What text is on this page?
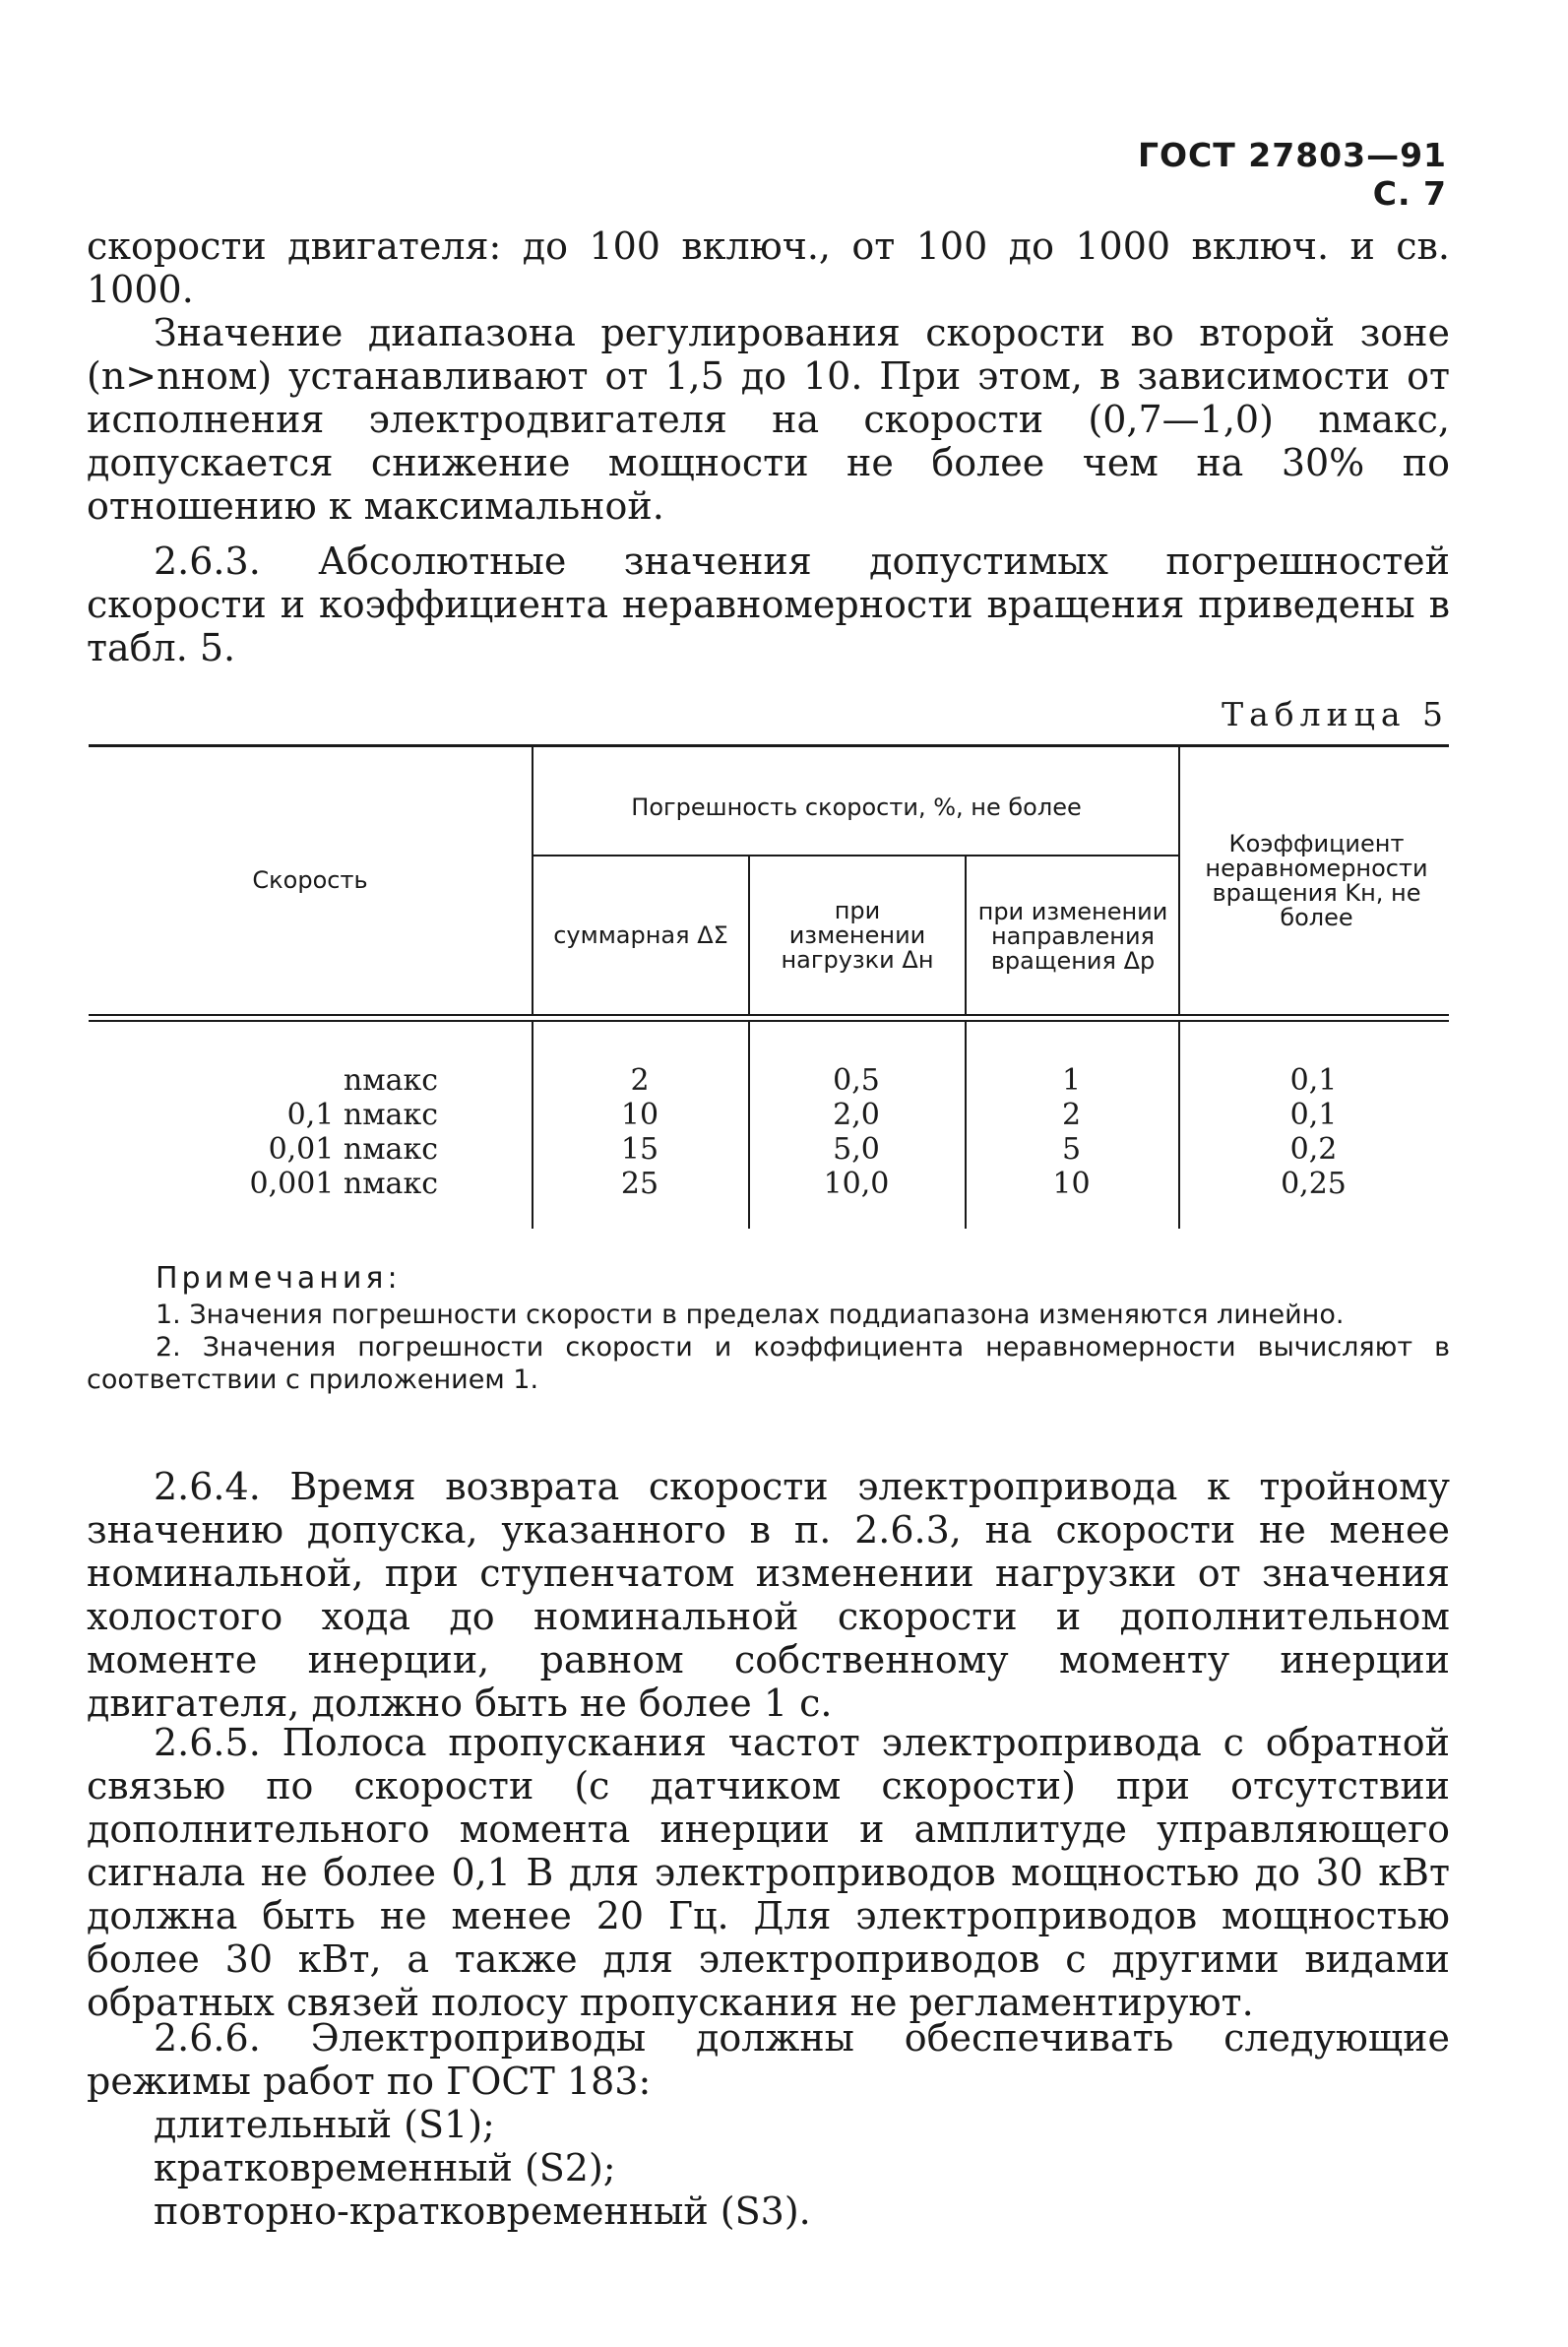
ГОСТ 27803—91 С. 7

скорости двигателя: до 100 включ., от 100 до 1000 включ. и св. 1000.

Значение диапазона регулирования скорости во второй зоне (n>nном) устанавливают от 1,5 до 10. При этом, в зависимости от исполнения электродвигателя на скорости (0,7—1,0) nмакс, допускается снижение мощности не более чем на 30% по отношению к максимальной.

2.6.3. Абсолютные значения допустимых погрешностей скорости и коэффициента неравномерности вращения приведены в табл. 5.

Таблица 5
Скорость
Погрешность скорости, %, не более
суммарная ΔΣ
при изменении нагрузки Δн
при изменении направления вращения Δр
Коэффициент неравномерности вращения Kн, не более
nмакс	2	0,5	1	0,1
0,1 nмакс	10	2,0	2	0,1
0,01 nмакс	15	5,0	5	0,2
0,001 nмакс	25	10,0	10	0,25

Примечания:

1. Значения погрешности скорости в пределах поддиапазона изменяются линейно.

2. Значения погрешности скорости и коэффициента неравномерности вычисляют в соответствии с приложением 1.

2.6.4. Время возврата скорости электропривода к тройному значению допуска, указанного в п. 2.6.3, на скорости не менее номинальной, при ступенчатом изменении нагрузки от значения холостого хода до номинальной скорости и дополнительном моменте инерции, равном собственному моменту инерции двигателя, должно быть не более 1 с.

2.6.5. Полоса пропускания частот электропривода с обратной связью по скорости (с датчиком скорости) при отсутствии дополнительного момента инерции и амплитуде управляющего сигнала не более 0,1 В для электроприводов мощностью до 30 кВт должна быть не менее 20 Гц. Для электроприводов мощностью более 30 кВт, а также для электроприводов с другими видами обратных связей полосу пропускания не регламентируют.

2.6.6. Электроприводы должны обеспечивать следующие режимы работ по ГОСТ 183:

длительный (S1);

кратковременный (S2);

повторно-кратковременный (S3).
